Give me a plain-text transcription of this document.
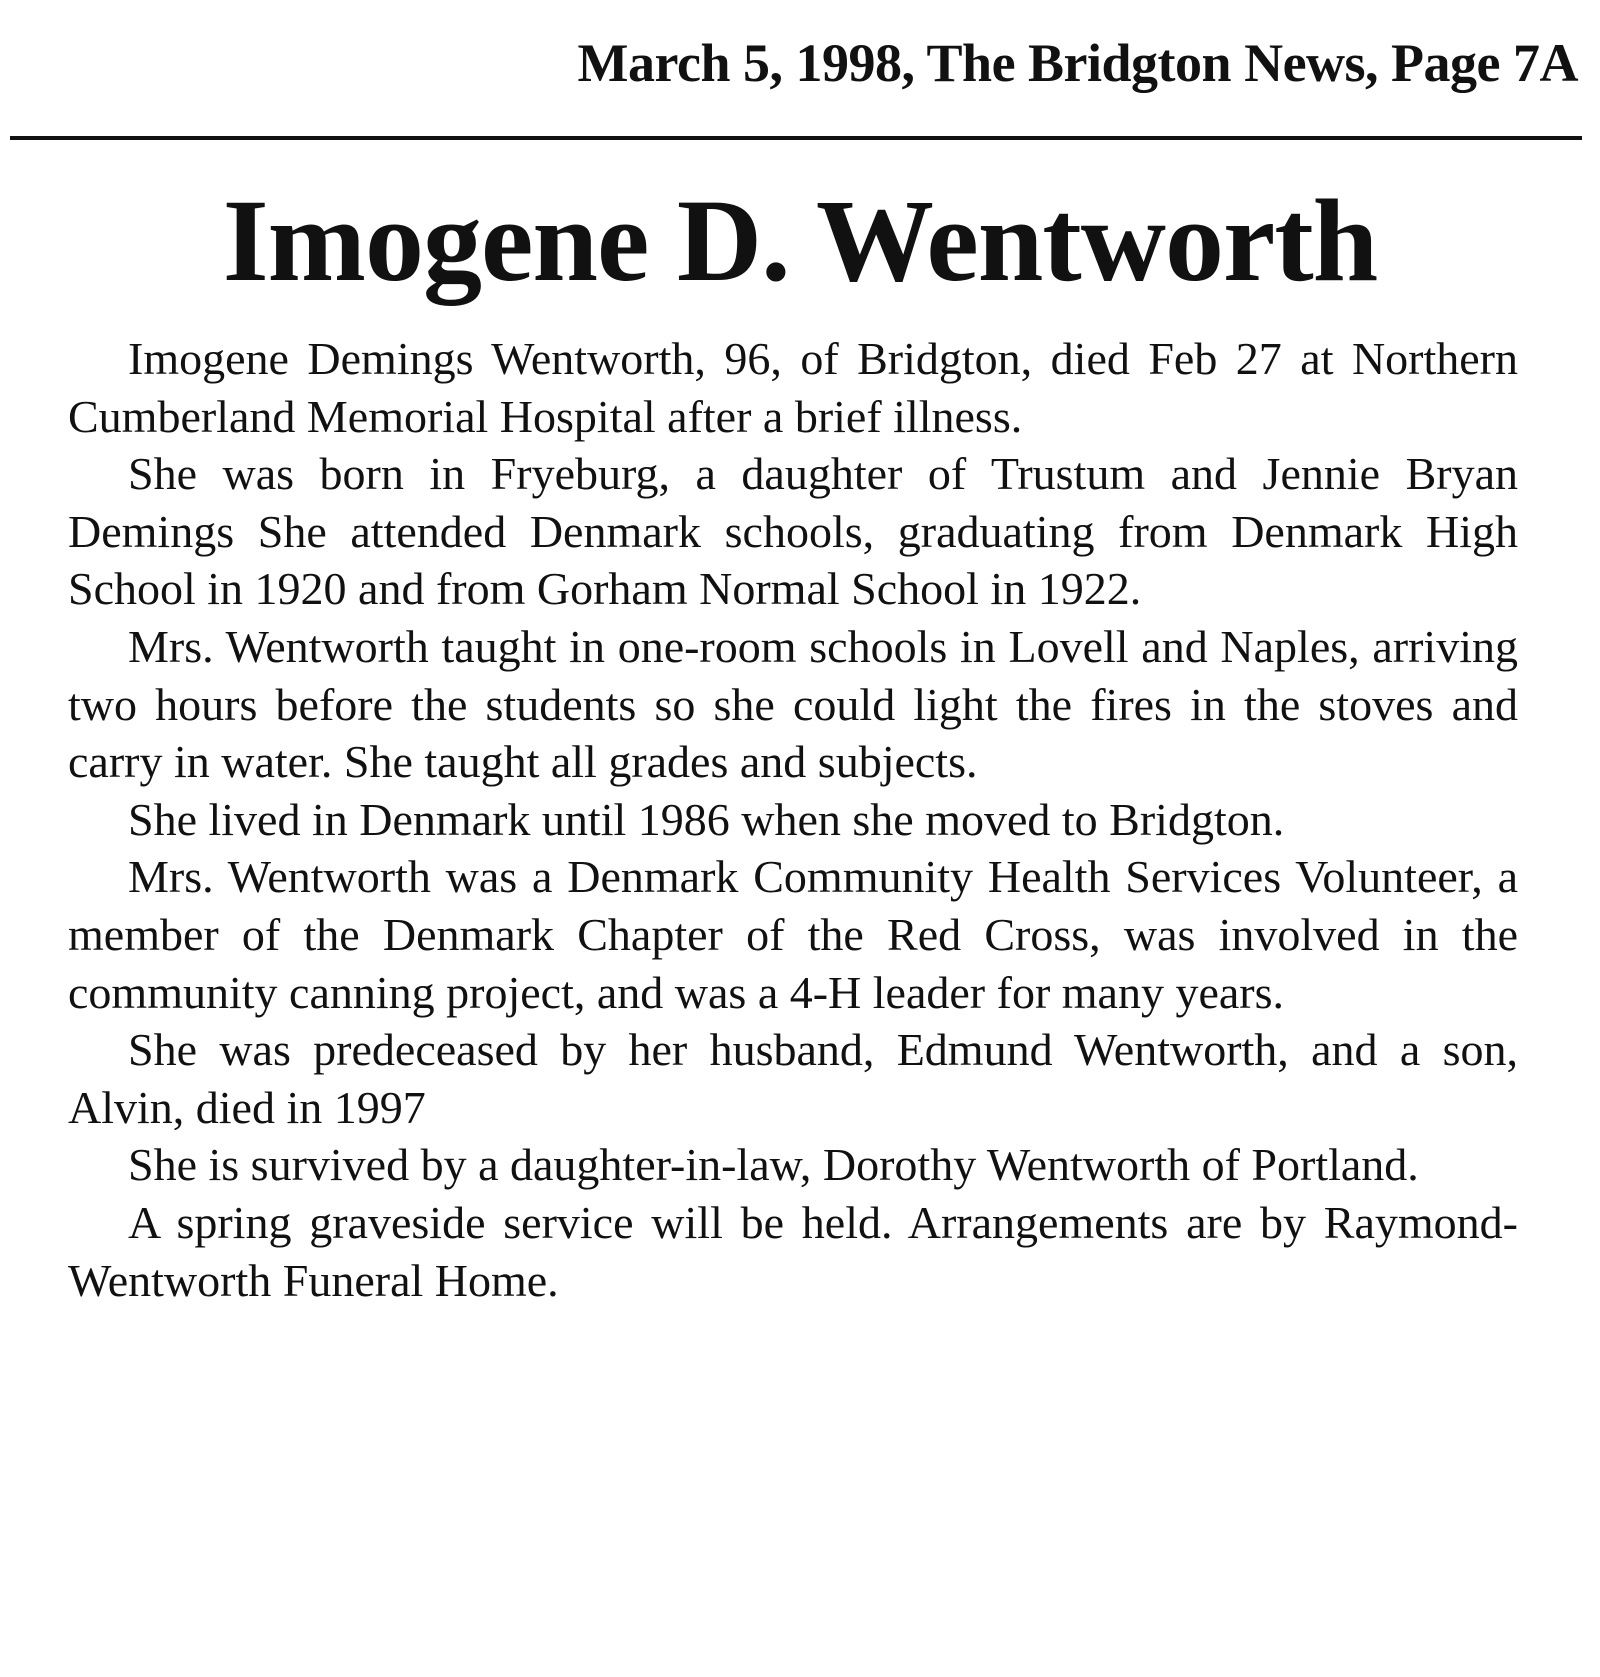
March 5, 1998, The Bridgton News, Page 7A
Imogene D. Wentworth

Imogene Demings Wentworth, 96, of Bridgton, died Feb 27 at Northern Cumberland Memorial Hospital after a brief illness.

She was born in Fryeburg, a daughter of Trustum and Jennie Bryan Demings She attended Denmark schools, graduating from Denmark High School in 1920 and from Gorham Normal School in 1922.

Mrs. Wentworth taught in one-room schools in Lovell and Naples, arriving two hours before the students so she could light the fires in the stoves and carry in water. She taught all grades and subjects.

She lived in Denmark until 1986 when she moved to Bridgton.

Mrs. Wentworth was a Denmark Community Health Services Volunteer, a member of the Denmark Chapter of the Red Cross, was involved in the community canning project, and was a 4-H leader for many years.

She was predeceased by her husband, Edmund Wentworth, and a son, Alvin, died in 1997

She is survived by a daughter-in-law, Dorothy Wentworth of Portland.

A spring graveside service will be held. Arrangements are by Raymond-Wentworth Funeral Home.
